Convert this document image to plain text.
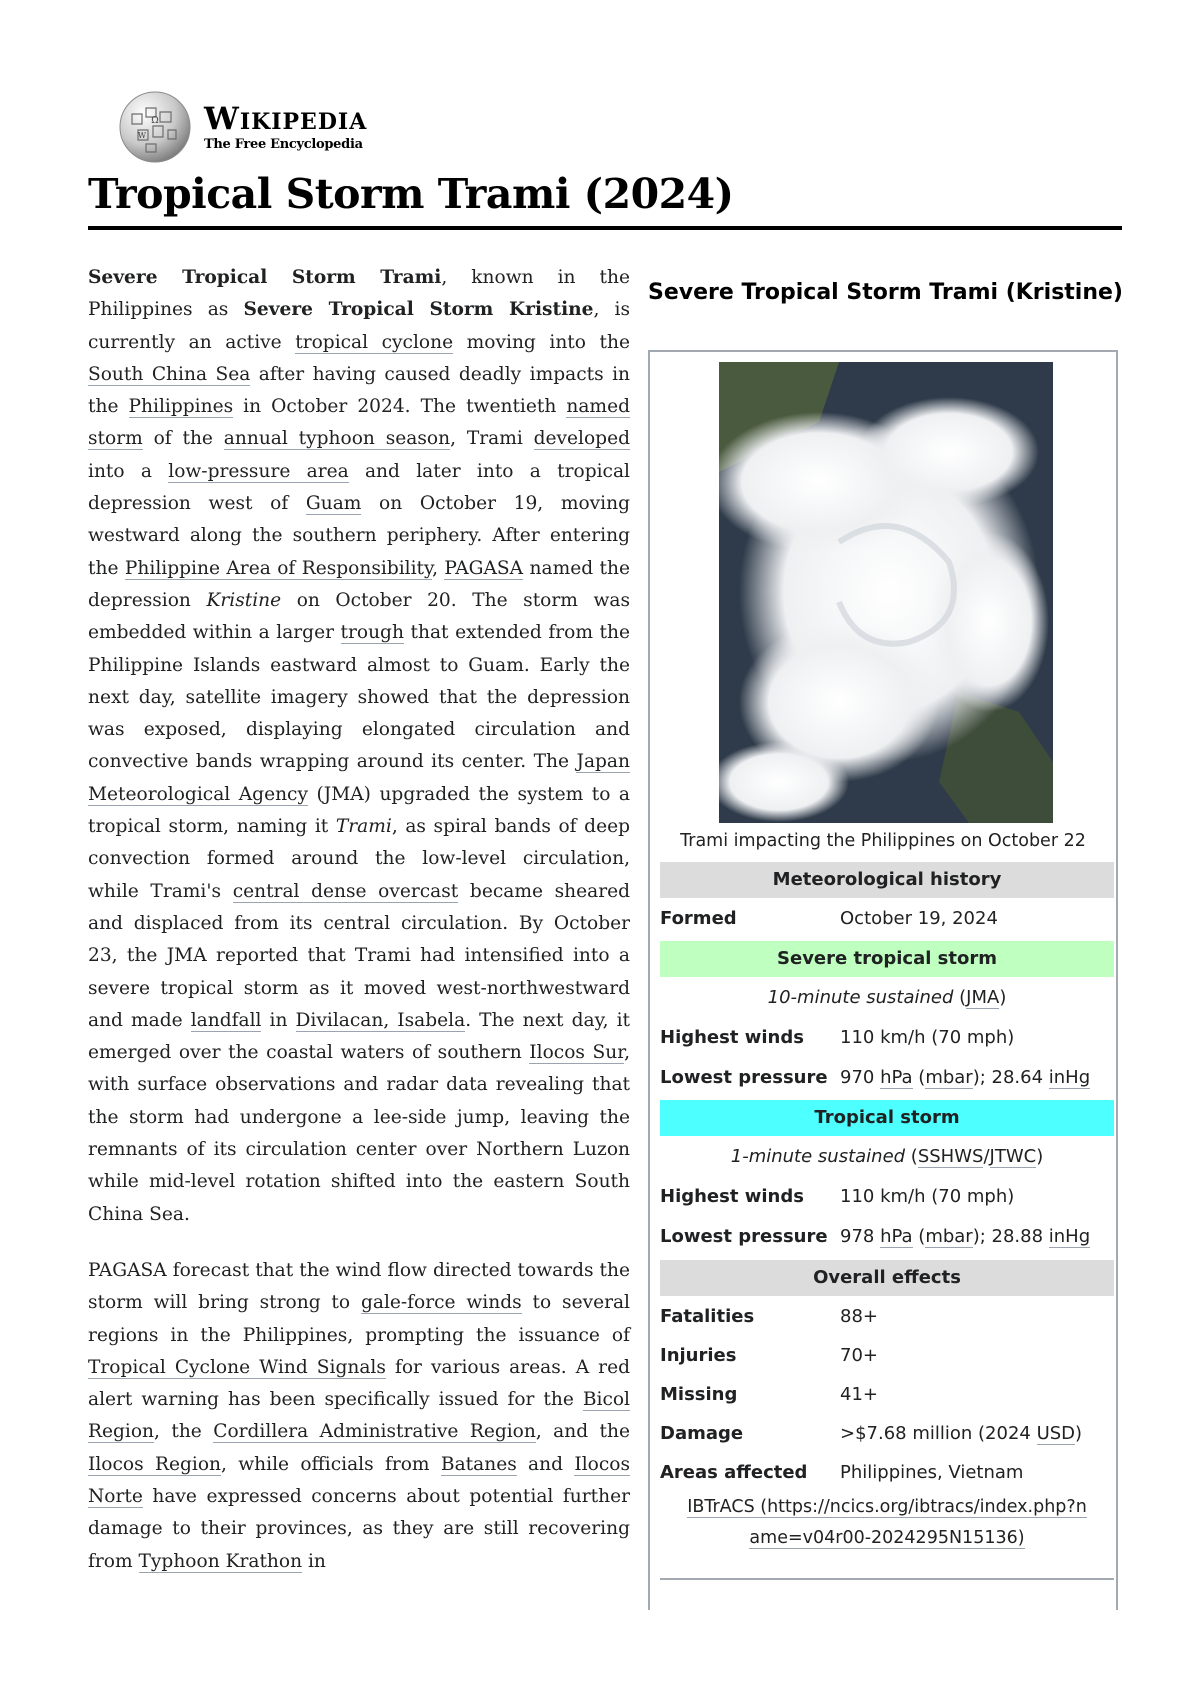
Ω
W Wikipedia
The Free Encyclopedia
Tropical Storm Trami (2024)

Severe Tropical Storm Trami, known in the Philippines as Severe Tropical Storm Kristine, is currently an active tropical cyclone moving into the South China Sea after having caused deadly impacts in the Philippines in October 2024. The twentieth named storm of the annual typhoon season, Trami developed into a low-pressure area and later into a tropical depression west of Guam on October 19, moving westward along the southern periphery. After entering the Philippine Area of Responsibility, PAGASA named the depression Kristine on October 20. The storm was embedded within a larger trough that extended from the Philippine Islands eastward almost to Guam. Early the next day, satellite imagery showed that the depression was exposed, displaying elongated circulation and convective bands wrapping around its center. The Japan Meteorological Agency (JMA) upgraded the system to a tropical storm, naming it Trami, as spiral bands of deep convection formed around the low-level circulation, while Trami's central dense overcast became sheared and displaced from its central circulation. By October 23, the JMA reported that Trami had intensified into a severe tropical storm as it moved west-northwestward and made landfall in Divilacan, Isabela. The next day, it emerged over the coastal waters of southern Ilocos Sur, with surface observations and radar data revealing that the storm had undergone a lee-side jump, leaving the remnants of its circulation center over Northern Luzon while mid-level rotation shifted into the eastern South China Sea.

PAGASA forecast that the wind flow directed towards the storm will bring strong to gale-force winds to several regions in the Philippines, prompting the issuance of Tropical Cyclone Wind Signals for various areas. A red alert warning has been specifically issued for the Bicol Region, the Cordillera Administrative Region, and the Ilocos Region, while officials from Batanes and Ilocos Norte have expressed concerns about potential further damage to their provinces, as they are still recovering from Typhoon Krathon in

Severe Tropical Storm Trami (Kristine)
Trami impacting the Philippines on October 22
Meteorological history
Formed	October 19, 2024
Severe tropical storm
10-minute sustained (JMA)
Highest winds 110 km/h (70 mph)
Lowest pressure 970 hPa (mbar); 28.64 inHg
Tropical storm
1-minute sustained (SSHWS/JTWC)
Highest winds 110 km/h (70 mph)
Lowest pressure 978 hPa (mbar); 28.88 inHg
Overall effects
Fatalities	88+
Injuries	70+
Missing	41+
Damage	>$7.68 million (2024 USD)
Areas affected Philippines, Vietnam
IBTrACS (https://ncics.org/ibtracs/index.php?n
ame=v04r00-2024295N15136)
